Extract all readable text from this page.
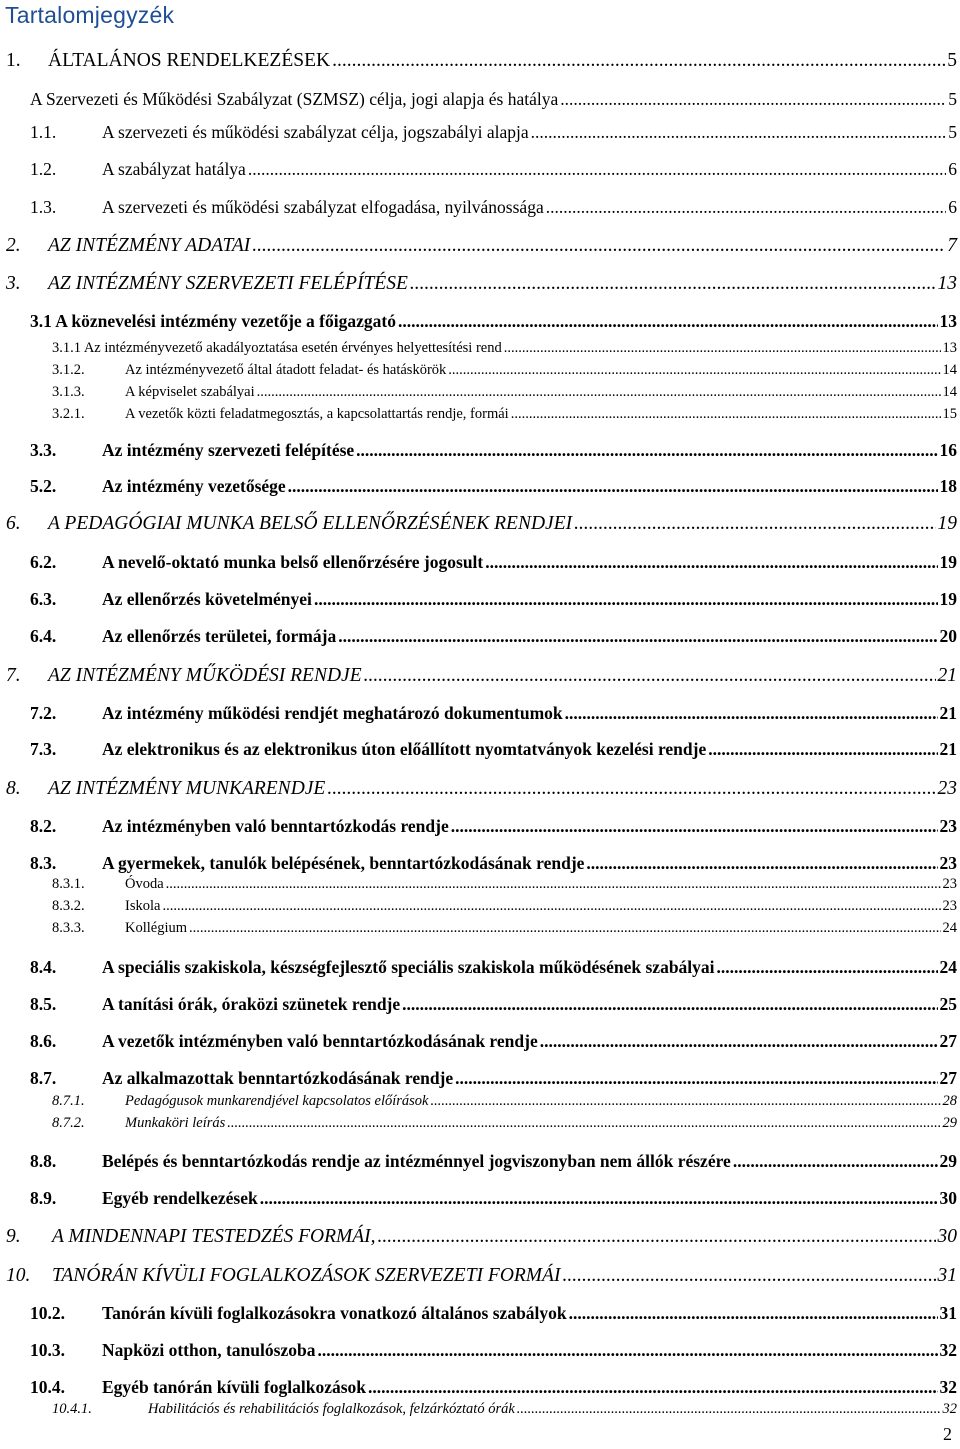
Tartalomjegyzék
1.	ÁLTALÁNOS RENDELKEZÉSEK .....	5
A Szervezeti és Működési Szabályzat (SZMSZ) célja, jogi alapja és hatálya .....	5
1.1.	A szervezeti és működési szabályzat célja, jogszabályi alapja .....	5
1.2.	A szabályzat hatálya .....	6
1.3.	A szervezeti és működési szabályzat elfogadása, nyilvánossága .....	6
2.	AZ INTÉZMÉNY ADATAI .....	7
3.	AZ INTÉZMÉNY SZERVEZETI FELÉPÍTÉSE .....	13
3.1 A köznevelési intézmény vezetője a főigazgató .....	13
3.1.1 Az intézményvezető akadályoztatása esetén érvényes helyettesítési rend .....	13
3.1.2.	Az intézményvezető által átadott feladat- és hatáskörök .....	14
3.1.3.	A képviselet szabályai .....	14
3.2.1.	A vezetők közti feladatmegosztás, a kapcsolattartás rendje, formái .....	15
3.3.	Az intézmény szervezeti felépítése .....	16
5.2.	Az intézmény vezetősége .....	18
6.	A PEDAGÓGIAI MUNKA BELSŐ ELLENŐRZÉSÉNEK RENDJEI .....	19
6.2.	A nevelő-oktató munka belső ellenőrzésére jogosult .....	19
6.3.	Az ellenőrzés követelményei .....	19
6.4.	Az ellenőrzés területei, formája .....	20
7.	AZ INTÉZMÉNY MŰKÖDÉSI RENDJE .....	21
7.2.	Az intézmény működési rendjét meghatározó dokumentumok .....	21
7.3.	Az elektronikus és az elektronikus úton előállított nyomtatványok kezelési rendje .....	21
8.	AZ INTÉZMÉNY MUNKARENDJE .....	23
8.2.	Az intézményben való benntartózkodás rendje .....	23
8.3.	A gyermekek, tanulók belépésének, benntartózkodásának rendje .....	23
8.3.1.	Óvoda .....	23
8.3.2.	Iskola .....	23
8.3.3.	Kollégium .....	24
8.4.	A speciális szakiskola, készségfejlesztő speciális szakiskola működésének szabályai .....	24
8.5.	A tanítási órák, óraközi szünetek rendje .....	25
8.6.	A vezetők intézményben való benntartózkodásának rendje .....	27
8.7.	Az alkalmazottak benntartózkodásának rendje .....	27
8.7.1.	Pedagógusok munkarendjével kapcsolatos előírások .....	28
8.7.2.	Munkaköri leírás .....	29
8.8.	Belépés és benntartózkodás rendje az intézménnyel jogviszonyban nem állók részére .....	29
8.9.	Egyéb rendelkezések .....	30
9.	A MINDENNAPI TESTEDZÉS FORMÁI, .....	30
10.	TANÓRÁN KÍVÜLI FOGLALKOZÁSOK SZERVEZETI FORMÁI .....	31
10.2.	Tanórán kívüli foglalkozásokra vonatkozó általános szabályok .....	31
10.3.	Napközi otthon, tanulószoba .....	32
10.4.	Egyéb tanórán kívüli foglalkozások .....	32
10.4.1.	Habilitációs és rehabilitációs foglalkozások, felzárkóztató órák .....	32
2
